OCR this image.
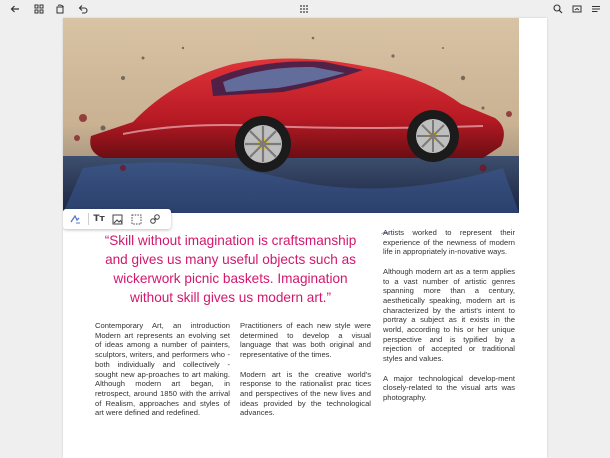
Tт
“Skill without imagination is craftsmanship and gives us many useful objects such as wickerwork picnic baskets. Imagination without skill gives us modern art.”

Artists worked to represent their experience of the newness of modern life in appropriately in-novative ways.

Although modern art as a term applies to a vast number of artistic genres spanning more than a century, aesthetically speaking, modern art is characterized by the artist's intent to portray a subject as it exists in the world, according to his or her unique perspective and is typified by a rejection of accepted or traditional styles and values.

A major technological develop-ment closely-related to the visual arts was photography.

Contemporary Art, an introduction Modern art represents an evolving set of ideas among a number of painters, sculptors, writers, and performers who - both individually and collectively - sought new ap-proaches to art making. Although modern art began, in retrospect, around 1850 with the arrival of Realism, approaches and styles of art were defined and redefined.

Practitioners of each new style were determined to develop a visual language that was both original and representative of the times.

Modern art is the creative world's response to the rationalist prac tices and perspectives of the new lives and ideas provided by the technological advances.
